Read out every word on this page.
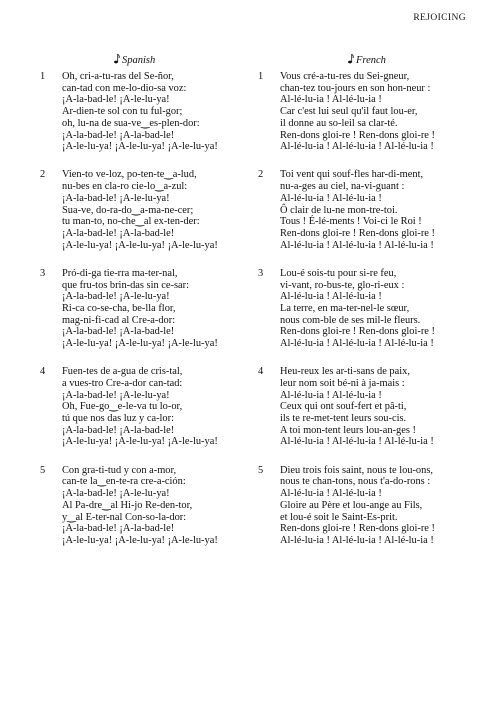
REJOICING
Spanish
1 Oh, cri-a-tu-ras del Se-ñor,
can-tad con me-lo-dio-sa voz:
¡A-la-bad-le! ¡A-le-lu-ya!
Ar-dien-te sol con tu ful-gor;
oh, lu-na de sua-ve‿es-plen-dor:
¡A-la-bad-le! ¡A-la-bad-le!
¡A-le-lu-ya! ¡A-le-lu-ya! ¡A-le-lu-ya!
2 Vien-to ve-loz, po-ten-te‿a-lud,
nu-bes en cla-ro cie-lo‿a-zul:
¡A-la-bad-le! ¡A-le-lu-ya!
Sua-ve, do-ra-do‿a-ma-ne-cer;
tu man-to, no-che‿al ex-ten-der:
¡A-la-bad-le! ¡A-la-bad-le!
¡A-le-lu-ya! ¡A-le-lu-ya! ¡A-le-lu-ya!
3 Pró-di-ga tie-rra ma-ter-nal,
que fru-tos brin-das sin ce-sar:
¡A-la-bad-le! ¡A-le-lu-ya!
Ri-ca co-se-cha, be-lla flor,
mag-ni-fi-cad al Cre-a-dor:
¡A-la-bad-le! ¡A-la-bad-le!
¡A-le-lu-ya! ¡A-le-lu-ya! ¡A-le-lu-ya!
4 Fuen-tes de a-gua de cris-tal,
a vues-tro Cre-a-dor can-tad:
¡A-la-bad-le! ¡A-le-lu-ya!
Oh, Fue-go‿e-le-va tu lo-or,
tú que nos das luz y ca-lor:
¡A-la-bad-le! ¡A-la-bad-le!
¡A-le-lu-ya! ¡A-le-lu-ya! ¡A-le-lu-ya!
5 Con gra-ti-tud y con a-mor,
can-te la‿en-te-ra cre-a-ción:
¡A-la-bad-le! ¡A-le-lu-ya!
Al Pa-dre‿al Hi-jo Re-den-tor,
y‿al E-ter-nal Con-so-la-dor:
¡A-la-bad-le! ¡A-la-bad-le!
¡A-le-lu-ya! ¡A-le-lu-ya! ¡A-le-lu-ya!
French
1 Vous cré-a-tu-res du Sei-gneur,
chan-tez tou-jours en son hon-neur :
Al-lé-lu-ia ! Al-lé-lu-ia !
Car c'est lui seul qu'il faut lou-er,
il donne au so-leil sa clar-té.
Ren-dons gloi-re ! Ren-dons gloi-re !
Al-lé-lu-ia ! Al-lé-lu-ia ! Al-lé-lu-ia !
2 Toi vent qui souf-fles har-di-ment,
nu-a-ges au ciel, na-vi-guant :
Al-lé-lu-ia ! Al-lé-lu-ia !
Ô clair de lu-ne mon-tre-toi.
Tous ! É-lé-ments ! Voi-ci le Roi !
Ren-dons gloi-re ! Ren-dons gloi-re !
Al-lé-lu-ia ! Al-lé-lu-ia ! Al-lé-lu-ia !
3 Lou-é sois-tu pour si-re feu,
vi-vant, ro-bus-te, glo-ri-eux :
Al-lé-lu-ia ! Al-lé-lu-ia !
La terre, en ma-ter-nel-le sœur,
nous com-ble de ses mil-le fleurs.
Ren-dons gloi-re ! Ren-dons gloi-re !
Al-lé-lu-ia ! Al-lé-lu-ia ! Al-lé-lu-ia !
4 Heu-reux les ar-ti-sans de paix,
leur nom soit bé-ni à ja-mais :
Al-lé-lu-ia ! Al-lé-lu-ia !
Ceux qui ont souf-fert et pâ-ti,
ils te re-met-tent leurs sou-cis.
A toi mon-tent leurs lou-an-ges !
Al-lé-lu-ia ! Al-lé-lu-ia ! Al-lé-lu-ia !
5 Dieu trois fois saint, nous te lou-ons,
nous te chan-tons, nous t'a-do-rons :
Al-lé-lu-ia ! Al-lé-lu-ia !
Gloire au Père et lou-ange au Fils,
et lou-é soit le Saint-Es-prit.
Ren-dons gloi-re ! Ren-dons gloi-re !
Al-lé-lu-ia ! Al-lé-lu-ia ! Al-lé-lu-ia !
